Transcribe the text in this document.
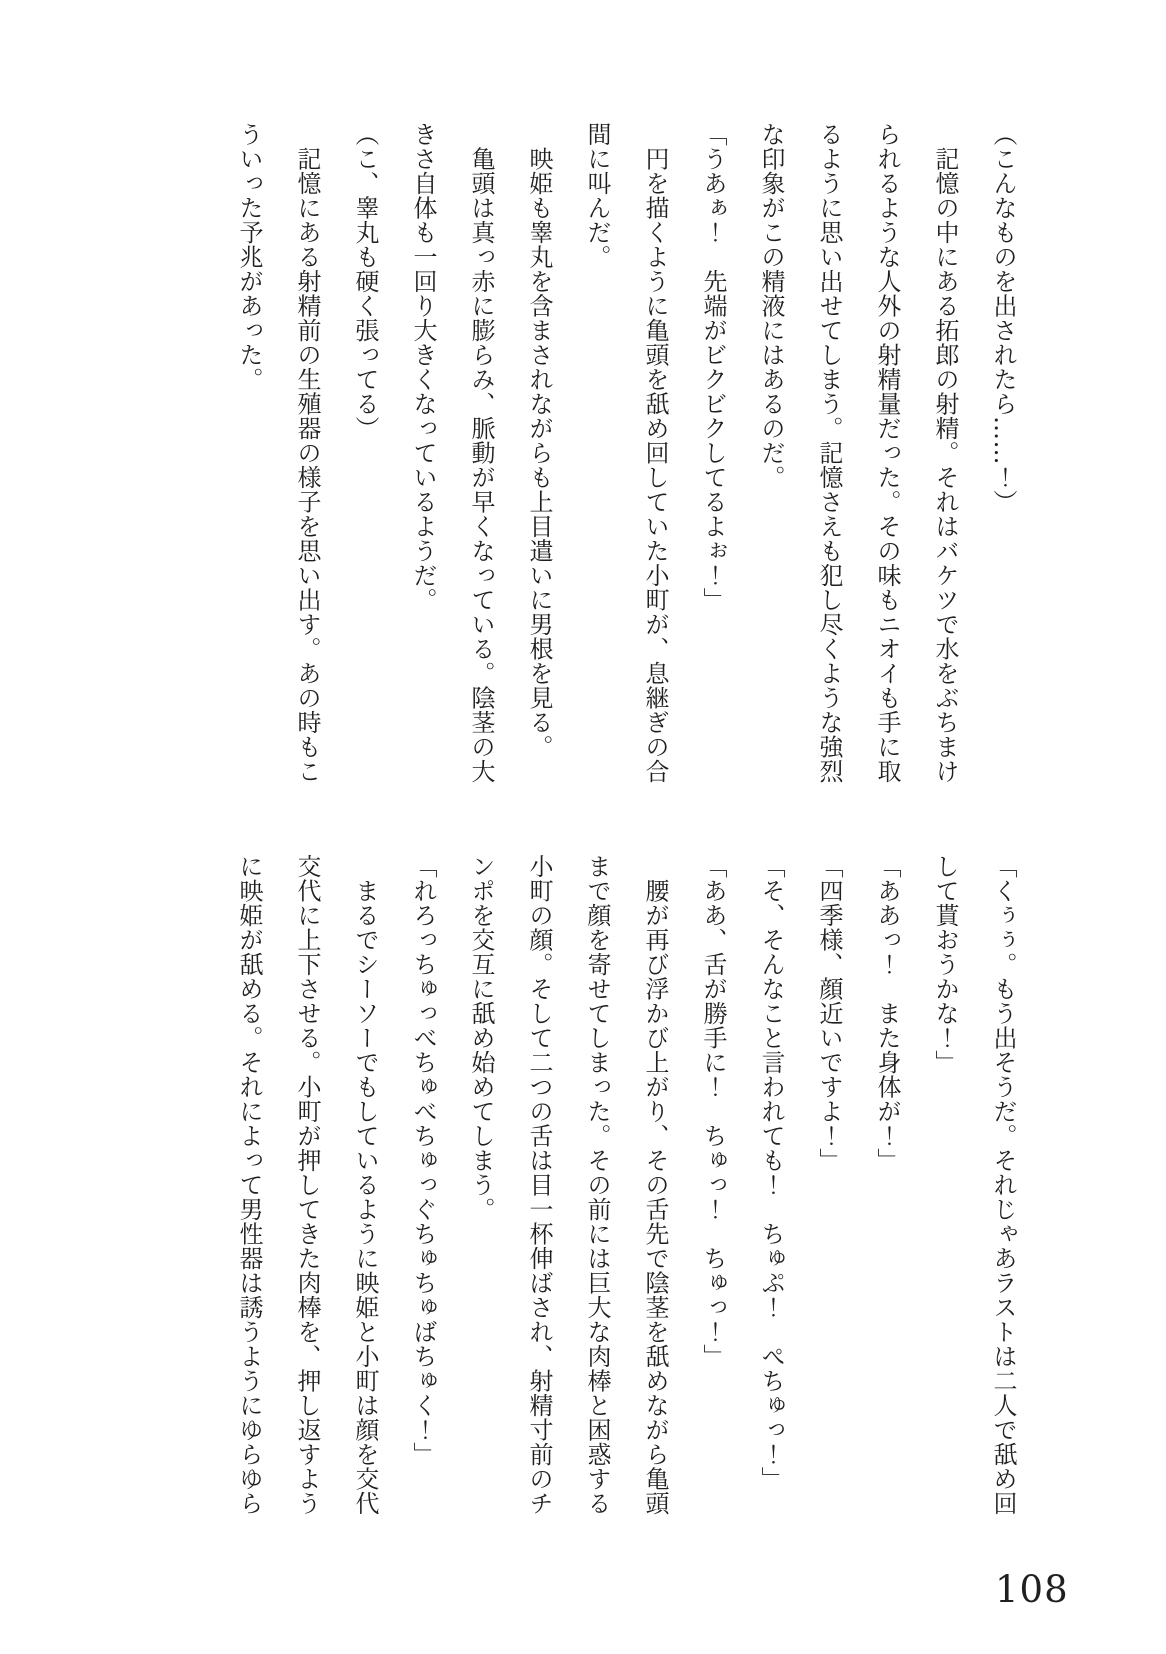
（こんなものを出されたら……！）

　記憶の中にある拓郎の射精。それはバケツで水をぶちまけ

られるような人外の射精量だった。その味もニオイも手に取

るように思い出せてしまう。記憶さえも犯し尽くような強烈

な印象がこの精液にはあるのだ。

「うあぁ！　先端がビクビクしてるよぉ！」

　円を描くように亀頭を舐め回していた小町が、息継ぎの合

間に叫んだ。

　映姫も睾丸を含まされながらも上目遣いに男根を見る。

　亀頭は真っ赤に膨らみ、脈動が早くなっている。陰茎の大

きさ自体も一回り大きくなっているようだ。

（こ、睾丸も硬く張ってる）

　記憶にある射精前の生殖器の様子を思い出す。あの時もこ

ういった予兆があった。

「くぅぅ。もう出そうだ。それじゃあラストは二人で舐め回

して貰おうかな！」

「ああっ！　また身体が！」

「四季様、顔近いですよ！」

「そ、そんなこと言われても！　ちゅぷ！　ぺちゅっ！」

「ああ、舌が勝手に！　ちゅっ！　ちゅっ！」

　腰が再び浮かび上がり、その舌先で陰茎を舐めながら亀頭

まで顔を寄せてしまった。その前には巨大な肉棒と困惑する

小町の顔。そして二つの舌は目一杯伸ばされ、射精寸前のチ

ンポを交互に舐め始めてしまう。

「れろっちゅっべちゅべちゅっぐちゅちゅばちゅく！」

　まるでシーソーでもしているように映姫と小町は顔を交代

交代に上下させる。小町が押してきた肉棒を、押し返すよう

に映姫が舐める。それによって男性器は誘うようにゆらゆら

108
